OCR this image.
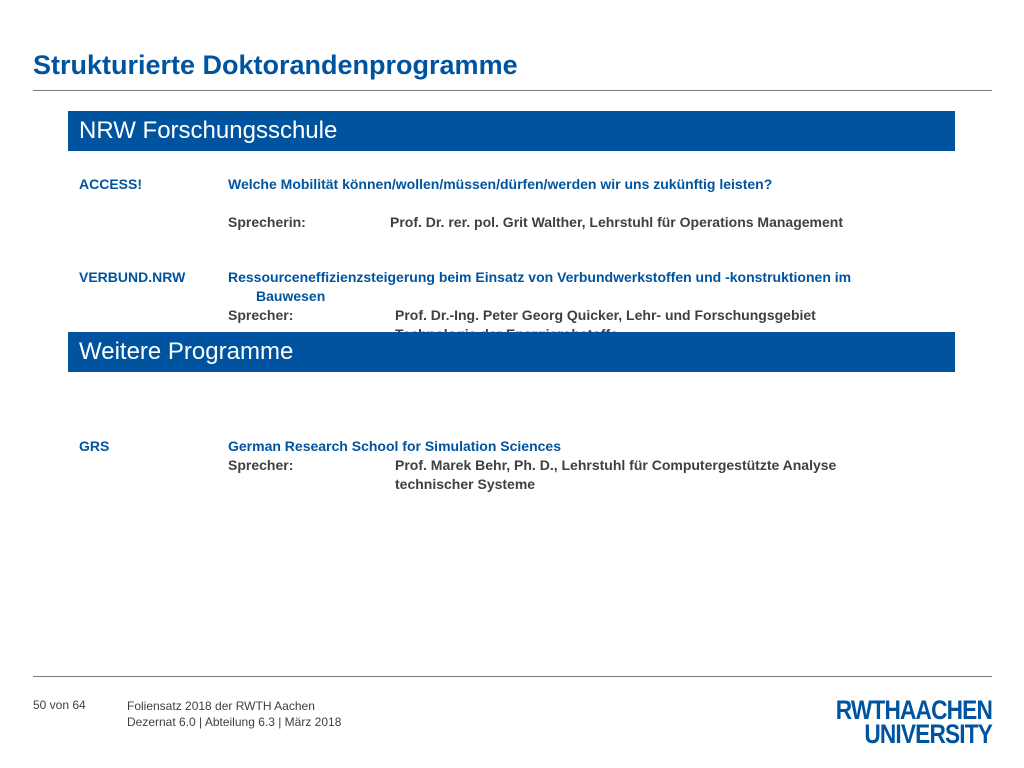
Strukturierte Doktorandenprogramme
NRW Forschungsschule
ACCESS!	Welche Mobilität können/wollen/müssen/dürfen/werden wir uns zukünftig leisten?
Sprecherin:	Prof. Dr. rer. pol. Grit Walther, Lehrstuhl für Operations Management
VERBUND.NRW	Ressourceneffizienzsteigerung beim Einsatz von Verbundwerkstoffen und -konstruktionen im
Bauwesen
Sprecher:	Prof. Dr.-Ing. Peter Georg Quicker, Lehr- und Forschungsgebiet
Weitere Programme
GRS	German Research School for Simulation Sciences
Sprecher:	Prof. Marek Behr, Ph. D., Lehrstuhl für Computergestützte Analyse
technischer Systeme
50 von 64	Foliensatz 2018 der RWTH Aachen
Dezernat 6.0 | Abteilung 6.3 | März 2018	RWTHAACHEN
UNIVERSITY
